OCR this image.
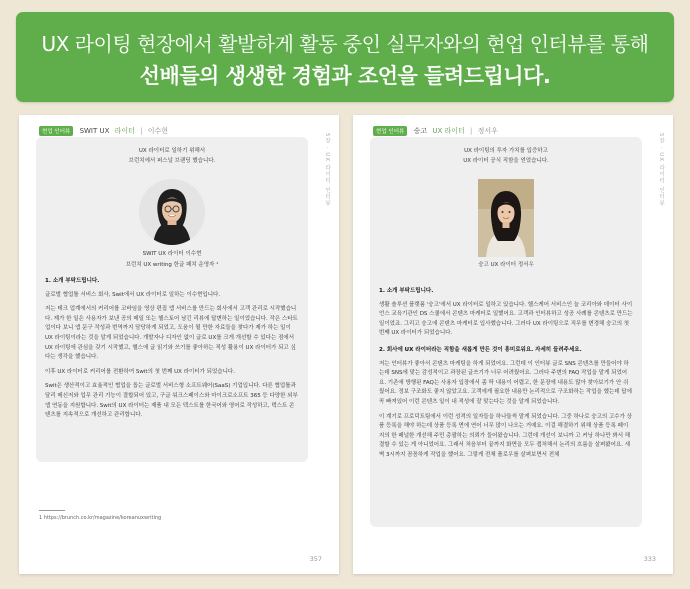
UX 라이팅 현장에서 활발하게 활동 중인 실무자와의 현업 인터뷰를 통해
선배들의 생생한 경험과 조언을 들려드립니다.
현업 인터뷰 SWIT UX 라이터 | 이수현
5장 · UX 라이터 인터뷰
UX 라이터로 일하기 위해서
브런치에서 퍼스널 브랜딩 했습니다.
SWIT UX 라이터 이수현
브런치 UX writing 한글 패치 운영자 ¹
1. 소개 부탁드립니다.

글로벌 협업툴 서비스 회사, Swit에서 UX 라이터로 일하는 이수현입니다.

저는 테크 업계에서의 커리어를 코바임을 영상 편집 앱 서비스를 만드는 회사에서 고객 관리로 시작했습니다. 제가 한 일은 사용자가 보낸 공의 메일 또는 헬스토어 남긴 리뷰에 답변하는 일이었습니다. 작은 스타트업이다 보니 앱 문구 작성과 번역까지 담당하게 되었고, 도움이 될 만한 자료들을 찾다가 제가 하는 일이 UX 라이팅이라는 것을 알게 되었습니다. 개발자나 디자인 없이 글로 UX를 크게 개선할 수 있다는 점에서 UX 라이팅에 관심을 갖기 시작했고, 헬스에 글 읽기와 쓰기를 좋아하는 적성 활용이 UX 라이터가 되고 싶다는 생각을 했습니다.

이후 UX 라이터로 커리어를 전환하여 Swit의 첫 번째 UX 라이터가 되었습니다.

Swit은 생산적이고 효율적인 협업을 돕는 글로벌 서비스형 소프트웨어(SaaS) 기업입니다. 다른 협업툴과 달리 메신저와 업무 관리 기능이 결합되어 있고, 구글 워크스페이스와 마이크로소프트 365 등 다양한 외부 앱 연동을 지원합니다. Swit의 UX 라이터는 제품 내 모든 텍스트를 한국어와 영어로 작성하고, 텍스트 콘텐츠를 지속적으로 개선하고 관리합니다.

1 https://brunch.co.kr/magazine/koreanuxwriting
357
현업 인터뷰 숭고 UX 라이터 | 정서우
5장 · UX 라이터 인터뷰
UX 라이팅의 투자 가치를 입증하고
UX 라이터 공식 직함을 얻었습니다.
숭고 UX 라이터 정서우
1. 소개 부탁드립니다.

생활 솔루션 플랫폼 '숭고'에서 UX 라이터로 일하고 있습니다. 헬스케어 서비스인 늘 코리아와 데이터 사이언스 교육기관인 DS 스쿨에서 콘텐츠 마케터로 일했어요. 고객과 인터뷰하고 성공 사례를 콘텐츠로 만드는 일이었죠. 그리고 숭고에 콘텐츠 마케터로 입사했습니다. 그러다 UX 라이팅으로 직무를 변경해 숭고의 첫 번째 UX 라이터가 되었습니다.

2. 회사에 UX 라이터라는 직함을 새롭게 만든 것이 흥미로워요. 자세히 들려주세요.

저는 인터뷰가 좋아서 콘텐츠 마케팅을 하게 되었어요. 그런데 이 인터뷰 글로 SNS 콘텐츠를 만들어야 하는데 SNS에 맞는 감성적이고 과장된 글쓰기가 너무 어려웠어요. 그러다 주변의 FAQ 작업을 맡게 되었어요. 기존에 방행된 FAQ는 사용자 입장에서 좀 딱 내용이 어렵고, 한 문장에 내용도 많아 찾아보기가 안 쉬웠어요. 정보 구조화도 좋지 않았고요. 고객에게 필요한 내용만 논리적으로 구조화하는 작업을 했는데 답에 꼭 빠져있어 이런 콘텐츠 일이 내 적성에 잘 맞는다는 것을 알게 되었습니다.

이 계기로 프로덕트팀에서 이런 성격의 일자들을 하나둘씩 맡게 되었습니다. 그중 하나로 숭고의 고수가 상품 등록을 해야 하는데 상품 등록 면에 연어 너무 많이 나오는 거예요. 이걸 해결하기 위해 상품 등록 페이지의 한 페널한 개선해 주민 총괄하는 의뢰가 들어왔습니다. 그런데 개선이 보니까 고 커닝 하나만 봐서 해결할 수 있는 게 아니었어요. 그래서 처음부터 끝까지 화면을 모두 캡처해서 논리의 흐름을 살펴봤어요. 새벽 3시까지 꼼꼼하게 작업을 했어요. 그렇게 전체 플로우를 살펴보면서 전체

333
